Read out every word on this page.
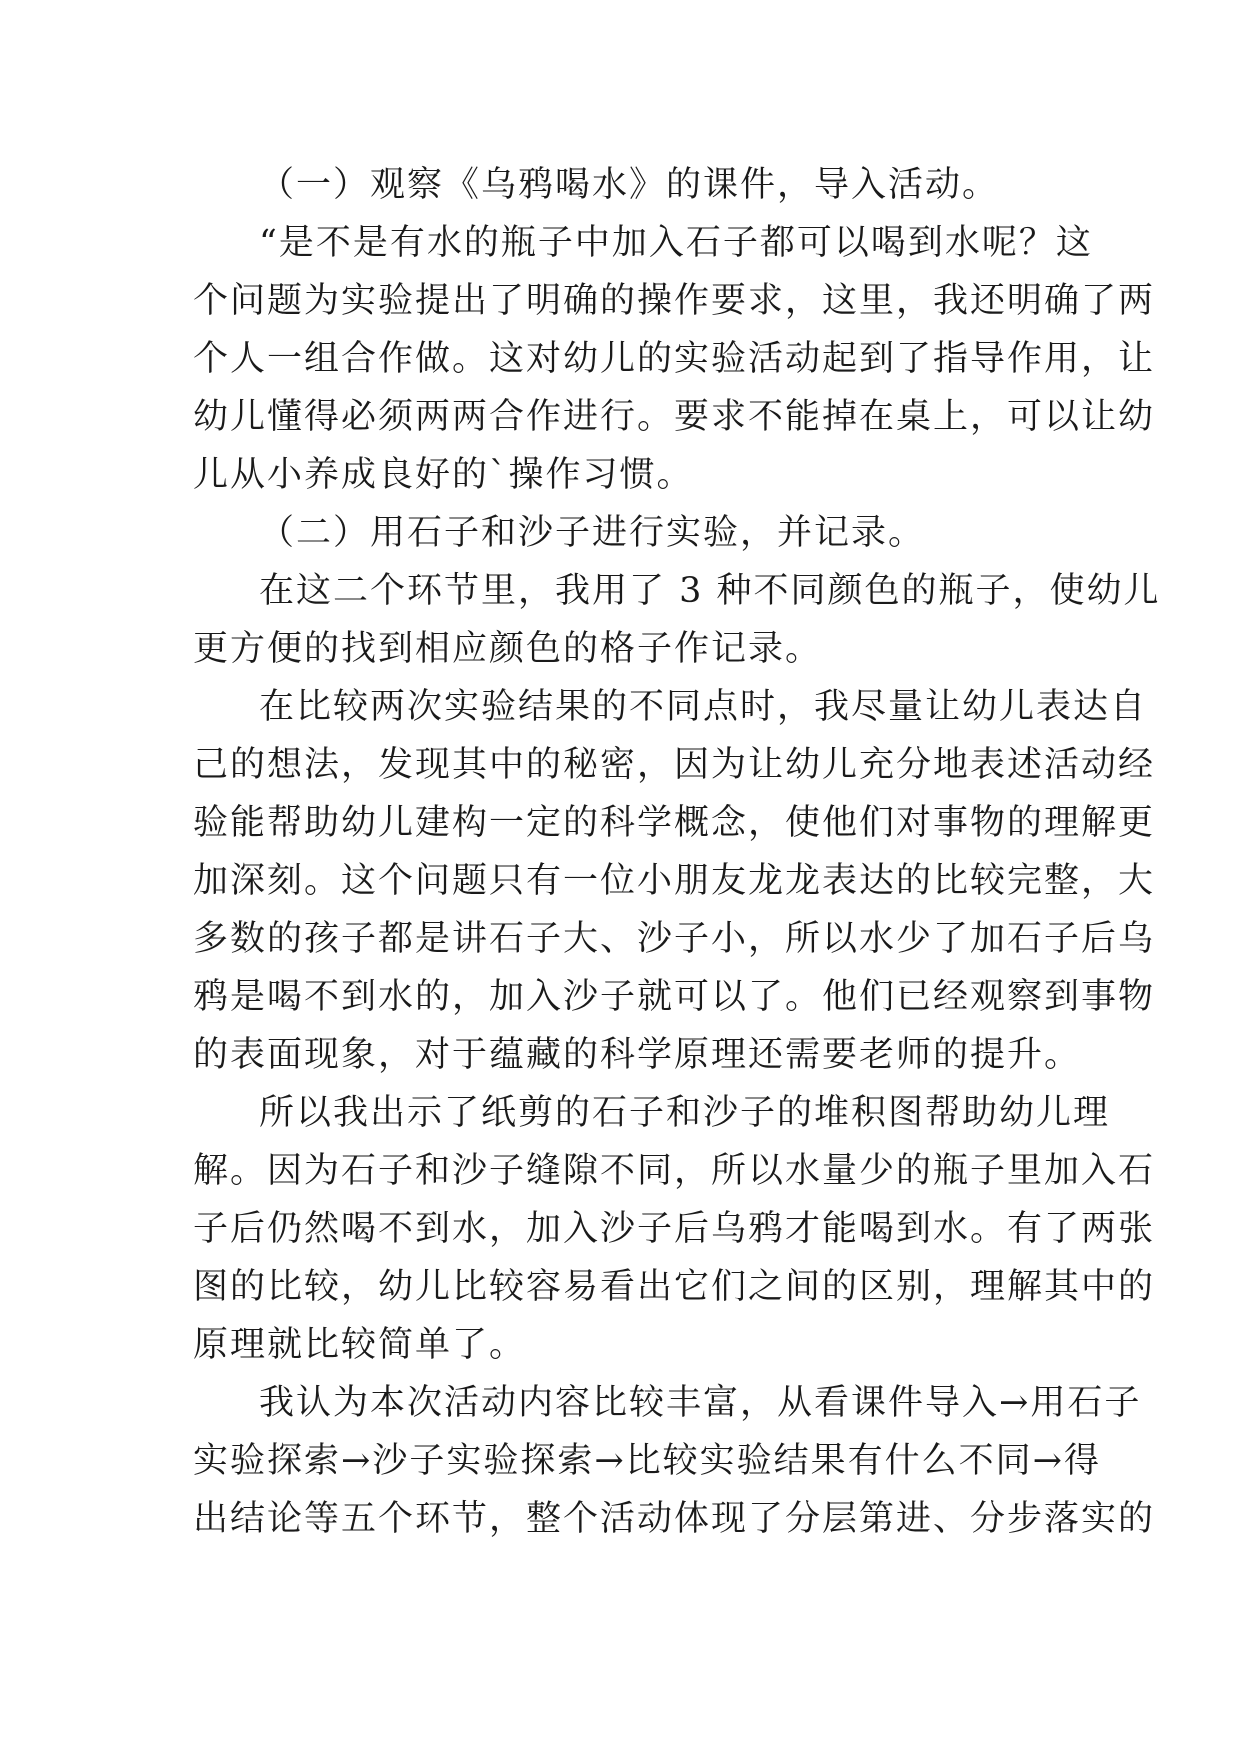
（一）观察《乌鸦喝水》的课件，导入活动。
“是不是有水的瓶子中加入石子都可以喝到水呢？这
个问题为实验提出了明确的操作要求，这里，我还明确了两
个人一组合作做。这对幼儿的实验活动起到了指导作用，让
幼儿懂得必须两两合作进行。要求不能掉在桌上，可以让幼
儿从小养成良好的`操作习惯。
（二）用石子和沙子进行实验，并记录。
在这二个环节里，我用了 3 种不同颜色的瓶子，使幼儿
更方便的找到相应颜色的格子作记录。
在比较两次实验结果的不同点时，我尽量让幼儿表达自
己的想法，发现其中的秘密，因为让幼儿充分地表述活动经
验能帮助幼儿建构一定的科学概念，使他们对事物的理解更
加深刻。这个问题只有一位小朋友龙龙表达的比较完整，大
多数的孩子都是讲石子大、沙子小，所以水少了加石子后乌
鸦是喝不到水的，加入沙子就可以了。他们已经观察到事物
的表面现象，对于蕴藏的科学原理还需要老师的提升。
所以我出示了纸剪的石子和沙子的堆积图帮助幼儿理
解。因为石子和沙子缝隙不同，所以水量少的瓶子里加入石
子后仍然喝不到水，加入沙子后乌鸦才能喝到水。有了两张
图的比较，幼儿比较容易看出它们之间的区别，理解其中的
原理就比较简单了。
我认为本次活动内容比较丰富，从看课件导入→用石子
实验探索→沙子实验探索→比较实验结果有什么不同→得
出结论等五个环节，整个活动体现了分层第进、分步落实的
